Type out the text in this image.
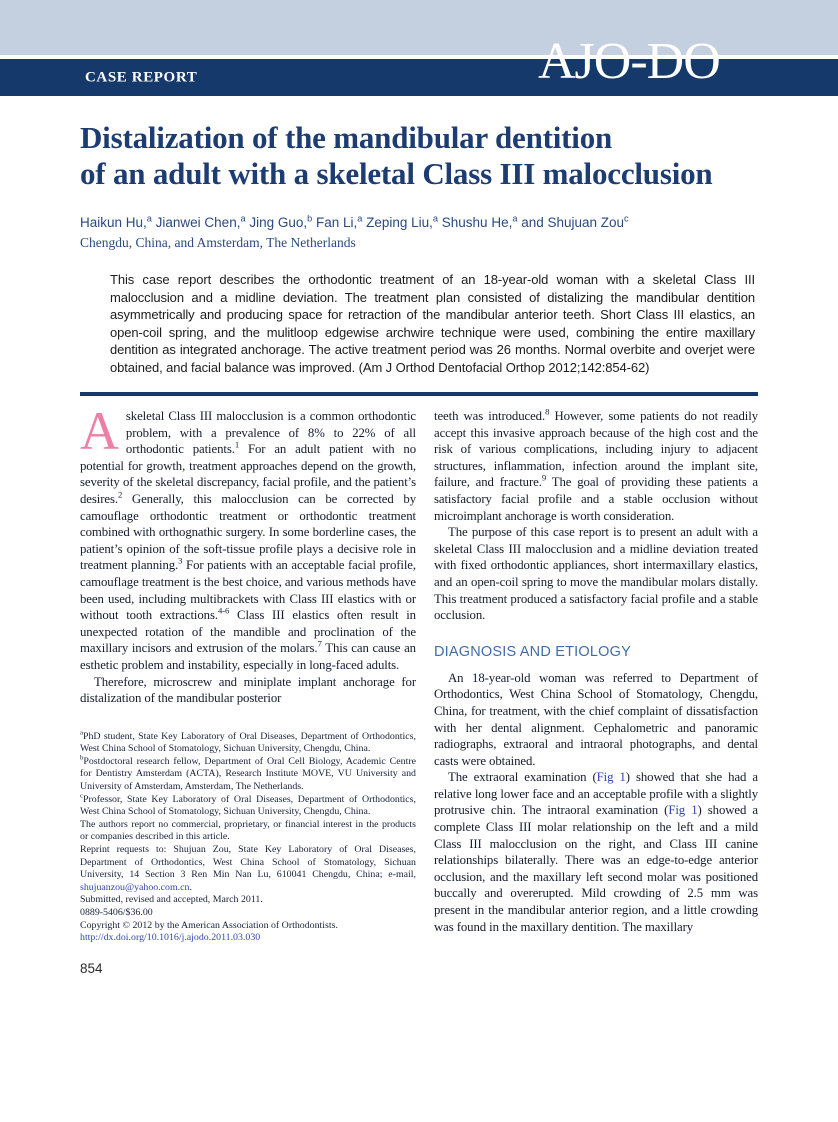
CASE REPORT	AJO-DO
Distalization of the mandibular dentition
of an adult with a skeletal Class III malocclusion

Haikun Hu,$^a$ Jianwei Chen,$^a$ Jing Guo,$^b$ Fan Li,$^a$ Zeping Liu,$^a$ Shushu He,$^a$ and Shujuan Zou$^c$

Chengdu, China, and Amsterdam, The Netherlands

This case report describes the orthodontic treatment of an 18-year-old woman with a skeletal Class III malocclusion and a midline deviation. The treatment plan consisted of distalizing the mandibular dentition asymmetrically and producing space for retraction of the mandibular anterior teeth. Short Class III elastics, an open-coil spring, and the mulitloop edgewise archwire technique were used, combining the entire maxillary dentition as integrated anchorage. The active treatment period was 26 months. Normal overbite and overjet were obtained, and facial balance was improved. (Am J Orthod Dentofacial Orthop 2012;142:854-62)

Askeletal Class III malocclusion is a common orthodontic problem, with a prevalence of 8% to 22% of all orthodontic patients.$^1$ For an adult patient with no potential for growth, treatment approaches depend on the growth, severity of the skeletal discrepancy, facial profile, and the patient’s desires.$^2$ Generally, this malocclusion can be corrected by camouflage orthodontic treatment or orthodontic treatment combined with orthognathic surgery. In some borderline cases, the patient’s opinion of the soft-tissue profile plays a decisive role in treatment planning.$^3$ For patients with an acceptable facial profile, camouflage treatment is the best choice, and various methods have been used, including multibrackets with Class III elastics with or without tooth extractions.$^{4-6}$ Class III elastics often result in unexpected rotation of the mandible and proclination of the maxillary incisors and extrusion of the molars.$^7$ This can cause an esthetic problem and instability, especially in long-faced adults.

Therefore, microscrew and miniplate implant anchorage for distalization of the mandibular posterior

$^a$PhD student, State Key Laboratory of Oral Diseases, Department of Orthodontics, West China School of Stomatology, Sichuan University, Chengdu, China.

$^b$Postdoctoral research fellow, Department of Oral Cell Biology, Academic Centre for Dentistry Amsterdam (ACTA), Research Institute MOVE, VU University and University of Amsterdam, Amsterdam, The Netherlands.

$^c$Professor, State Key Laboratory of Oral Diseases, Department of Orthodontics, West China School of Stomatology, Sichuan University, Chengdu, China.

The authors report no commercial, proprietary, or financial interest in the products or companies described in this article.

Reprint requests to: Shujuan Zou, State Key Laboratory of Oral Diseases, Department of Orthodontics, West China School of Stomatology, Sichuan University, 14 Section 3 Ren Min Nan Lu, 610041 Chengdu, China; e-mail, shujuanzou@yahoo.com.cn.

Submitted, revised and accepted, March 2011.

0889-5406/$36.00

Copyright © 2012 by the American Association of Orthodontists.

http://dx.doi.org/10.1016/j.ajodo.2011.03.030

854

teeth was introduced.$^8$ However, some patients do not readily accept this invasive approach because of the high cost and the risk of various complications, including injury to adjacent structures, inflammation, infection around the implant site, failure, and fracture.$^9$ The goal of providing these patients a satisfactory facial profile and a stable occlusion without microimplant anchorage is worth consideration.

The purpose of this case report is to present an adult with a skeletal Class III malocclusion and a midline deviation treated with fixed orthodontic appliances, short intermaxillary elastics, and an open-coil spring to move the mandibular molars distally. This treatment produced a satisfactory facial profile and a stable occlusion.

DIAGNOSIS AND ETIOLOGY

An 18-year-old woman was referred to Department of Orthodontics, West China School of Stomatology, Chengdu, China, for treatment, with the chief complaint of dissatisfaction with her dental alignment. Cephalometric and panoramic radiographs, extraoral and intraoral photographs, and dental casts were obtained.

The extraoral examination (Fig 1) showed that she had a relative long lower face and an acceptable profile with a slightly protrusive chin. The intraoral examination (Fig 1) showed a complete Class III molar relationship on the left and a mild Class III malocclusion on the right, and Class III canine relationships bilaterally. There was an edge-to-edge anterior occlusion, and the maxillary left second molar was positioned buccally and overerupted. Mild crowding of 2.5 mm was present in the mandibular anterior region, and a little crowding was found in the maxillary dentition. The maxillary
